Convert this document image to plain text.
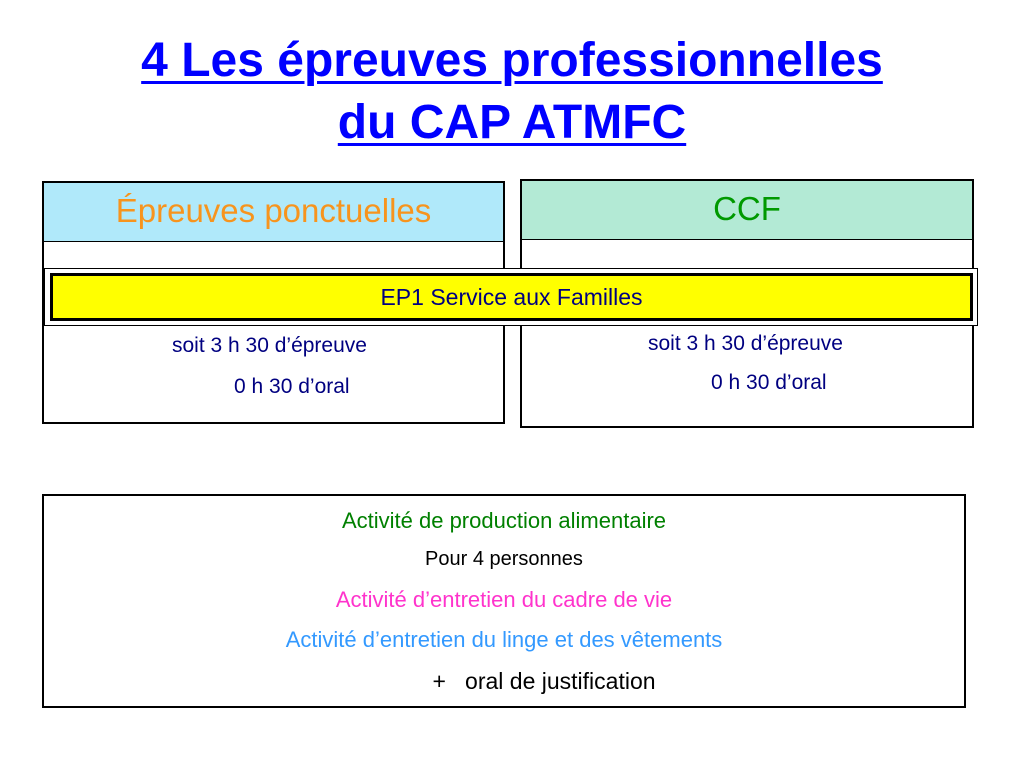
4 Les épreuves professionnelles
du CAP ATMFC
Épreuves ponctuelles
soit 3 h 30 d’épreuve
0 h 30 d’oral
CCF
soit 3 h 30 d’épreuve
0 h 30 d’oral
EP1 Service aux Familles
Activité de production alimentaire
Pour 4 personnes
Activité d’entretien du cadre de vie
Activité d’entretien du linge et des vêtements
+ oral de justification
